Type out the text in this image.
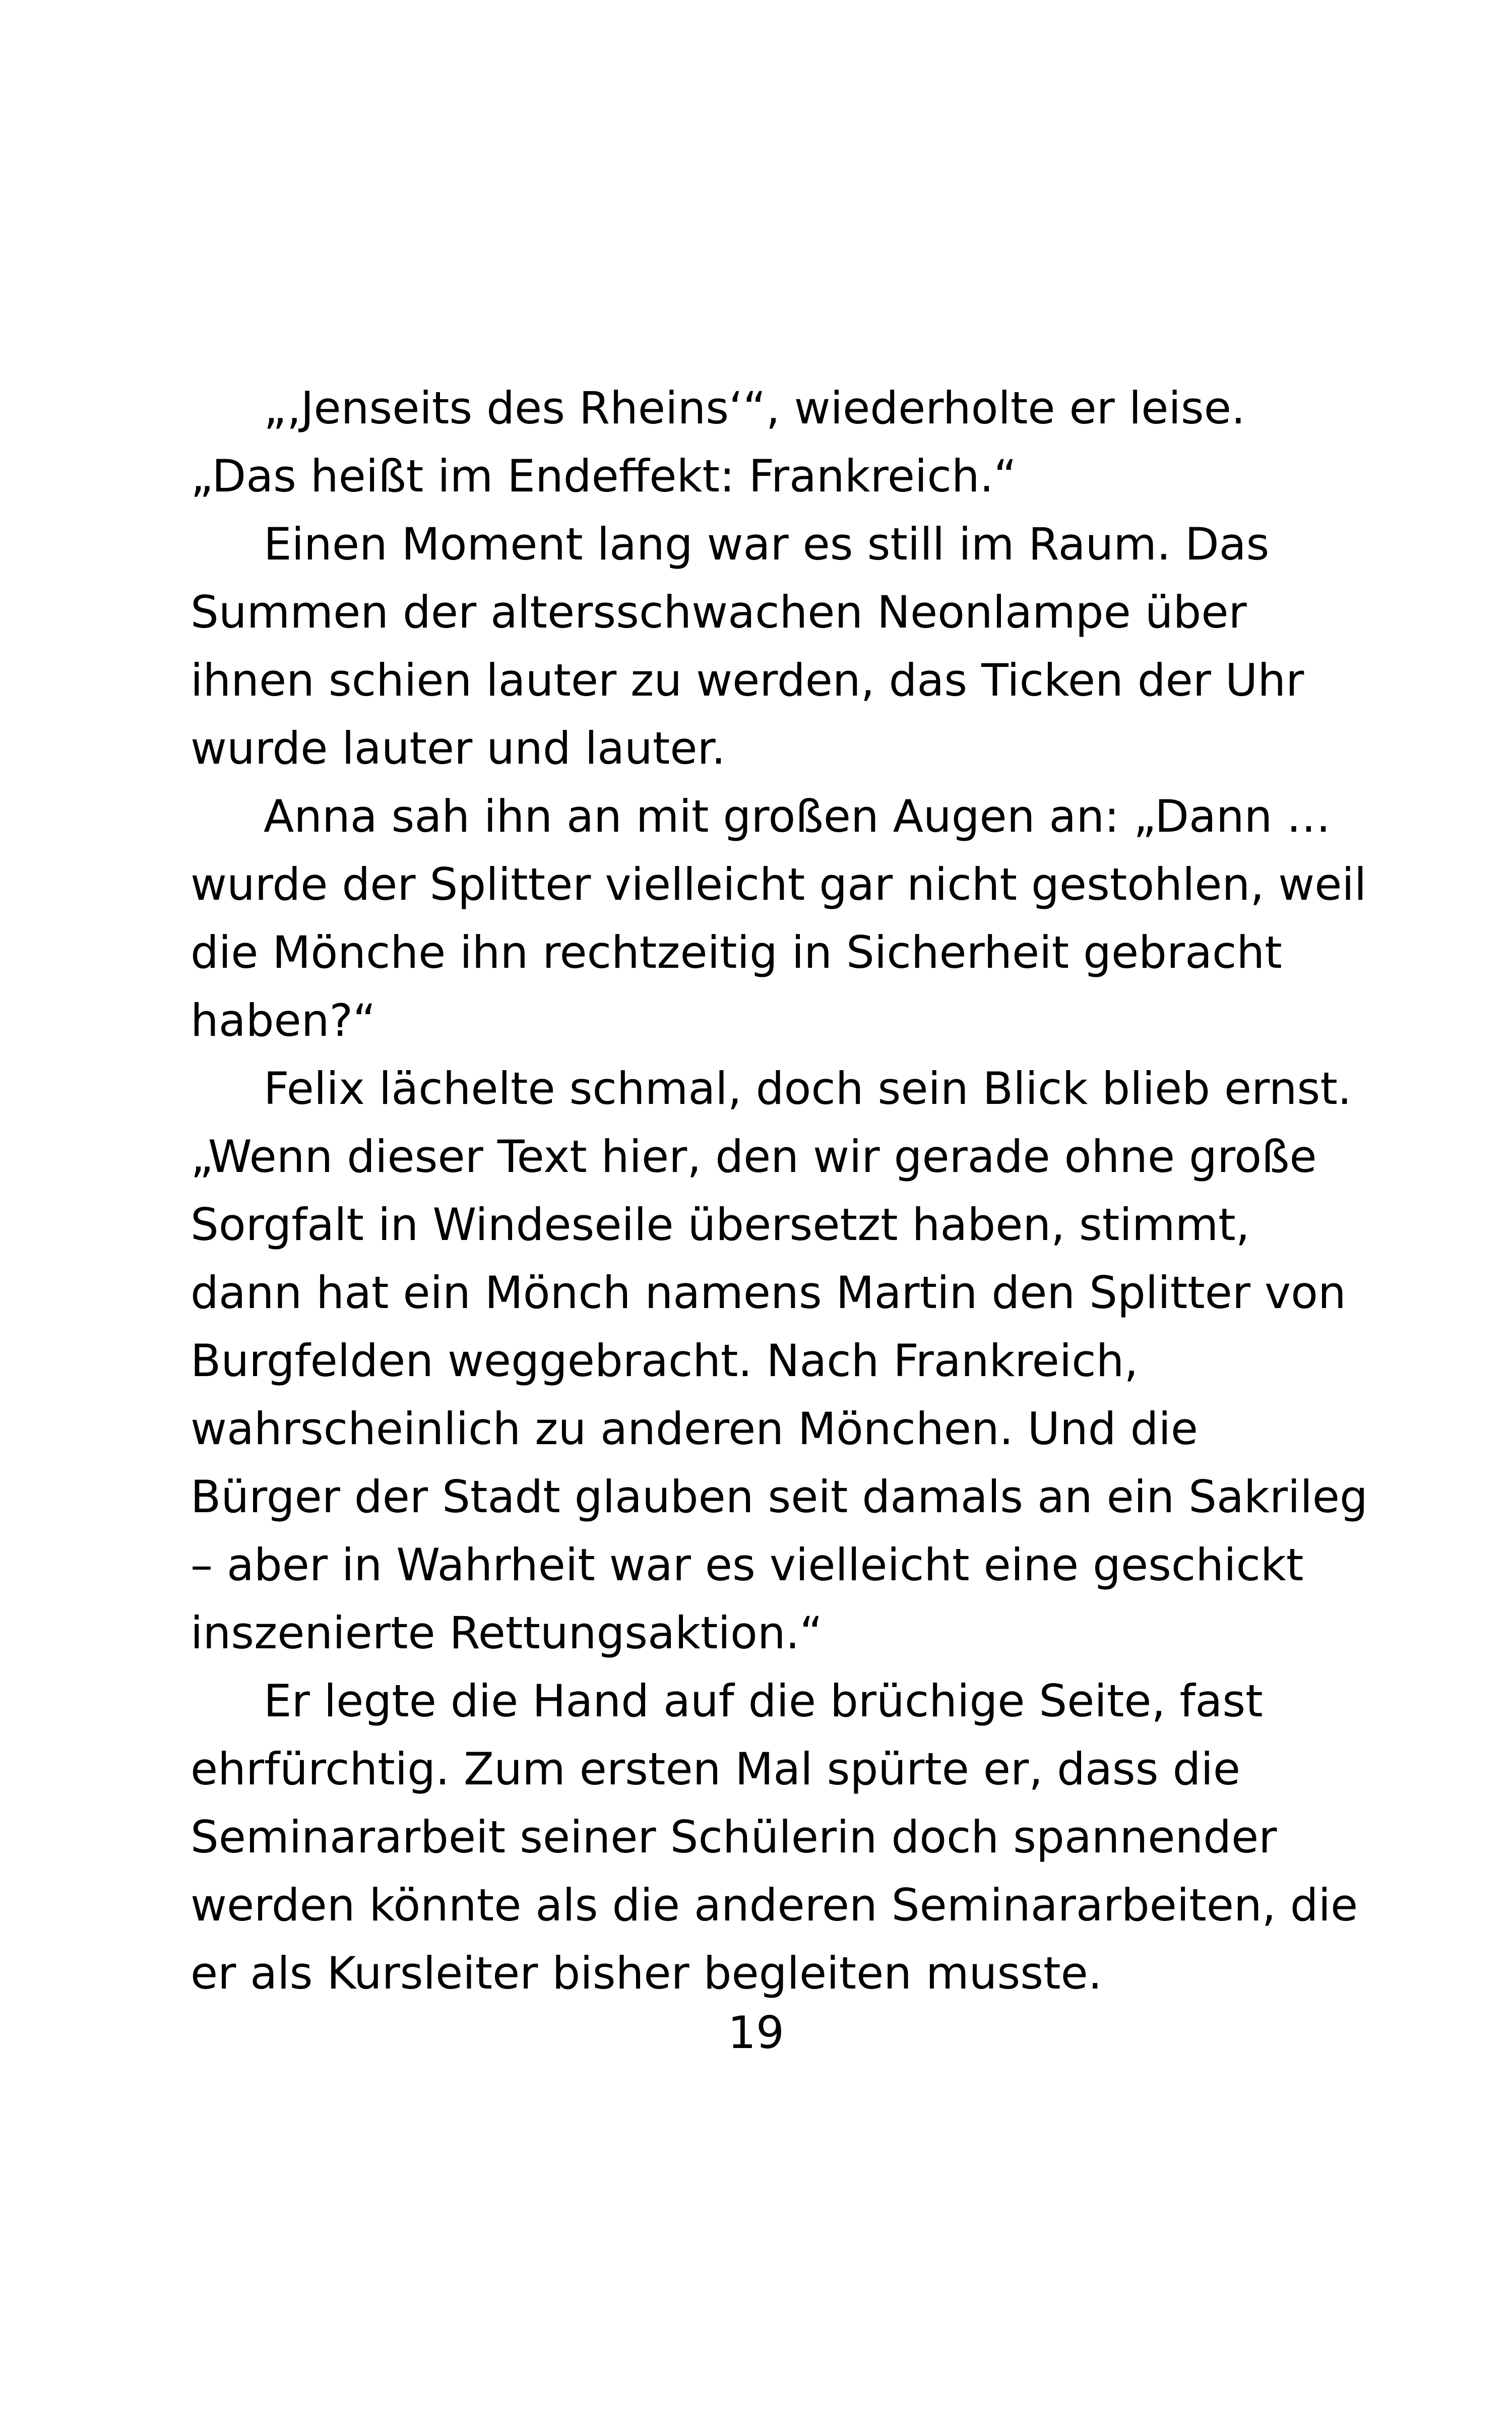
„‚Jenseits des Rheins‘“, wiederholte er leise.
„Das heißt im Endeffekt: Frankreich.“
Einen Moment lang war es still im Raum. Das
Summen der altersschwachen Neonlampe über
ihnen schien lauter zu werden, das Ticken der Uhr
wurde lauter und lauter.
Anna sah ihn an mit großen Augen an: „Dann …
wurde der Splitter vielleicht gar nicht gestohlen, weil
die Mönche ihn rechtzeitig in Sicherheit gebracht
haben?“
Felix lächelte schmal, doch sein Blick blieb ernst.
„Wenn dieser Text hier, den wir gerade ohne große
Sorgfalt in Windeseile übersetzt haben, stimmt,
dann hat ein Mönch namens Martin den Splitter von
Burgfelden weggebracht. Nach Frankreich,
wahrscheinlich zu anderen Mönchen. Und die
Bürger der Stadt glauben seit damals an ein Sakrileg
– aber in Wahrheit war es vielleicht eine geschickt
inszenierte Rettungsaktion.“
Er legte die Hand auf die brüchige Seite, fast
ehrfürchtig. Zum ersten Mal spürte er, dass die
Seminararbeit seiner Schülerin doch spannender
werden könnte als die anderen Seminararbeiten, die
er als Kursleiter bisher begleiten musste.
19
